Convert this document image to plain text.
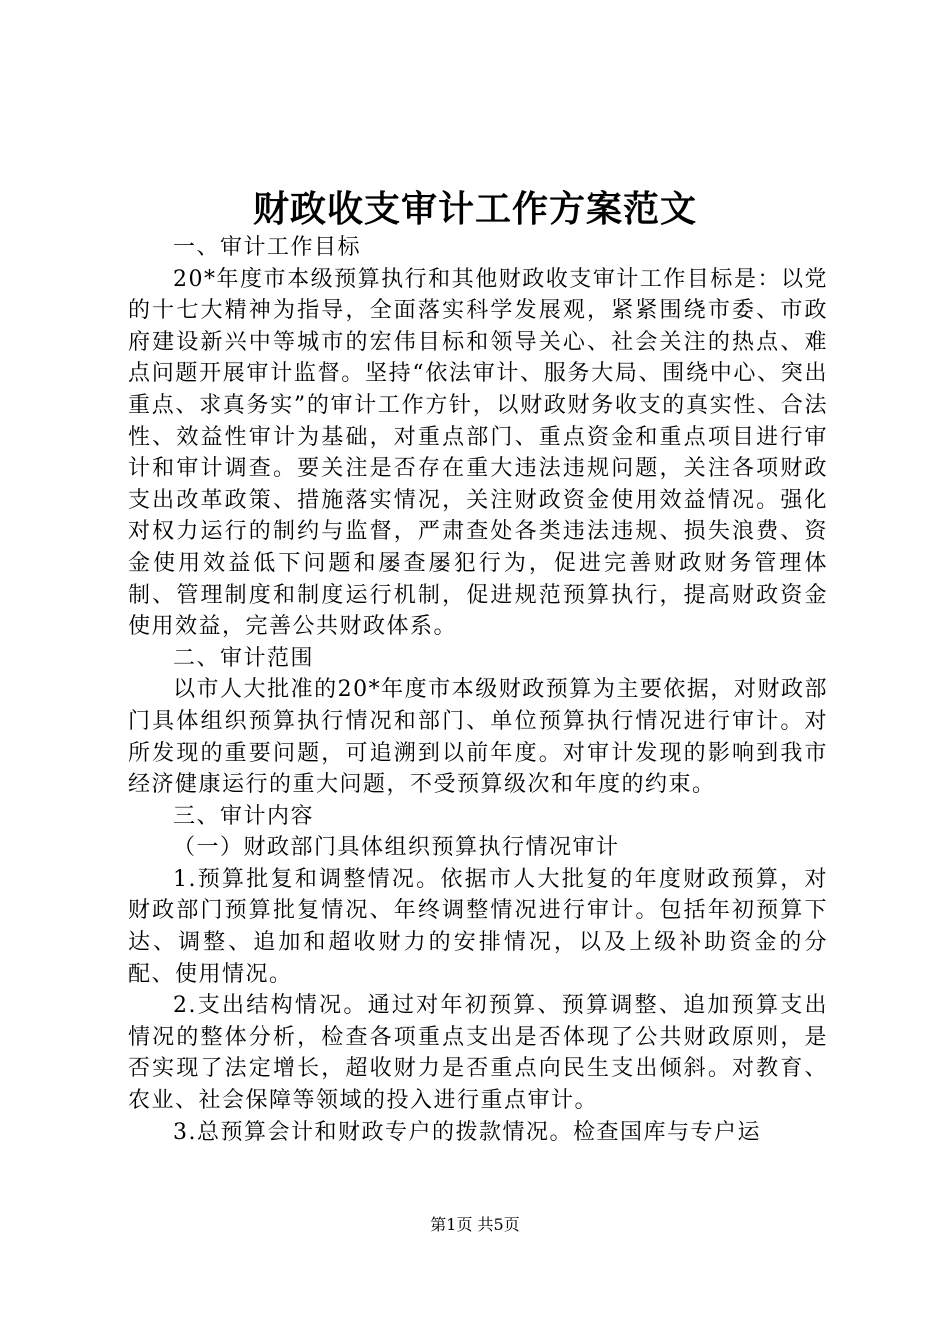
财政收支审计工作方案范文

一、审计工作目标

20*年度市本级预算执行和其他财政收支审计工作目标是：以党的十七大精神为指导，全面落实科学发展观，紧紧围绕市委、市政府建设新兴中等城市的宏伟目标和领导关心、社会关注的热点、难点问题开展审计监督。坚持“依法审计、服务大局、围绕中心、突出重点、求真务实”的审计工作方针，以财政财务收支的真实性、合法性、效益性审计为基础，对重点部门、重点资金和重点项目进行审计和审计调查。要关注是否存在重大违法违规问题，关注各项财政支出改革政策、措施落实情况，关注财政资金使用效益情况。强化对权力运行的制约与监督，严肃查处各类违法违规、损失浪费、资金使用效益低下问题和屡查屡犯行为，促进完善财政财务管理体制、管理制度和制度运行机制，促进规范预算执行，提高财政资金使用效益，完善公共财政体系。

二、审计范围

以市人大批准的20*年度市本级财政预算为主要依据，对财政部门具体组织预算执行情况和部门、单位预算执行情况进行审计。对所发现的重要问题，可追溯到以前年度。对审计发现的影响到我市经济健康运行的重大问题，不受预算级次和年度的约束。

三、审计内容

（一）财政部门具体组织预算执行情况审计

1.预算批复和调整情况。依据市人大批复的年度财政预算，对财政部门预算批复情况、年终调整情况进行审计。包括年初预算下达、调整、追加和超收财力的安排情况，以及上级补助资金的分配、使用情况。

2.支出结构情况。通过对年初预算、预算调整、追加预算支出情况的整体分析，检查各项重点支出是否体现了公共财政原则，是否实现了法定增长，超收财力是否重点向民生支出倾斜。对教育、农业、社会保障等领域的投入进行重点审计。

3.总预算会计和财政专户的拨款情况。检查国库与专户运

第1页 共5页
